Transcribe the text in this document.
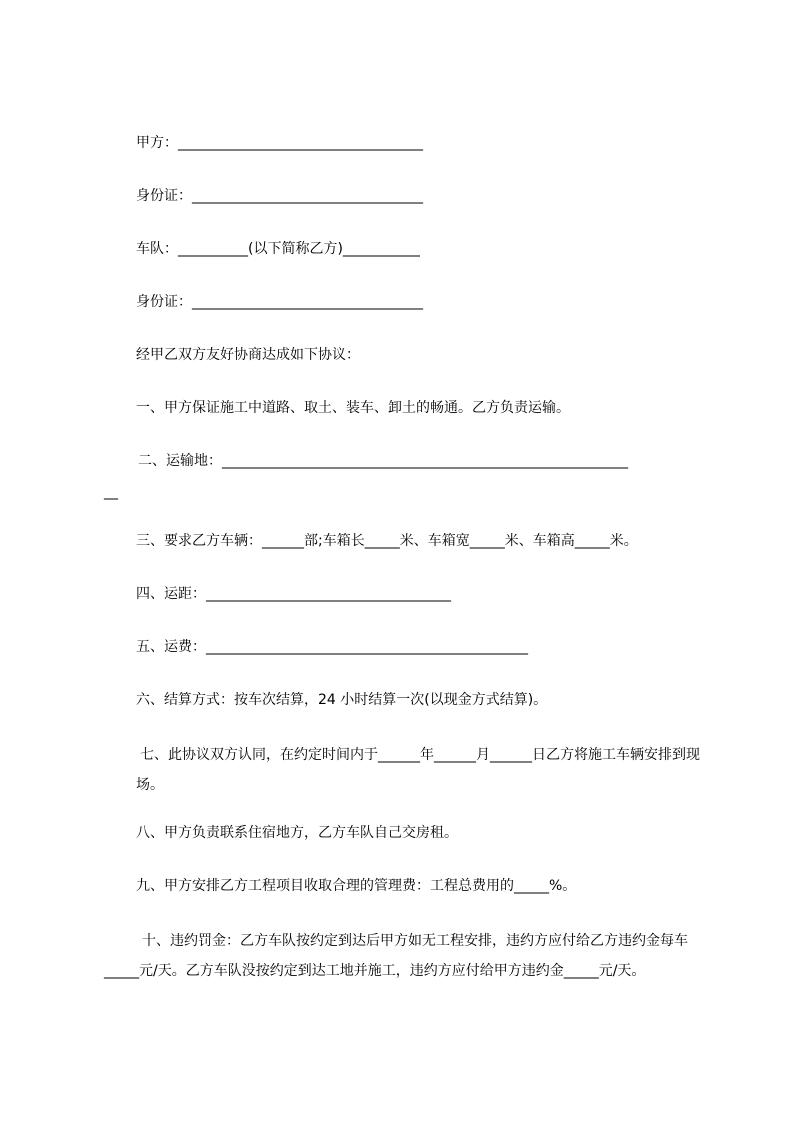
甲方：___________________________________
身份证：_________________________________
车队：__________(以下简称乙方)___________
身份证：_________________________________
经甲乙双方友好协商达成如下协议：
一、甲方保证施工中道路、取土、装车、卸土的畅通。乙方负责运输。
二、运输地：__________________________________________________________
__
三、要求乙方车辆：______部;车箱长_____米、车箱宽_____米、车箱高_____米。
四、运距：___________________________________
五、运费：______________________________________________
六、结算方式：按车次结算，24 小时结算一次(以现金方式结算)。
七、此协议双方认同，在约定时间内于______年______月______日乙方将施工车辆安排到现场。
八、甲方负责联系住宿地方，乙方车队自己交房租。
九、甲方安排乙方工程项目收取合理的管理费：工程总费用的_____%。
十、违约罚金：乙方车队按约定到达后甲方如无工程安排，违约方应付给乙方违约金每车_____元/天。乙方车队没按约定到达工地并施工，违约方应付给甲方违约金_____元/天。
